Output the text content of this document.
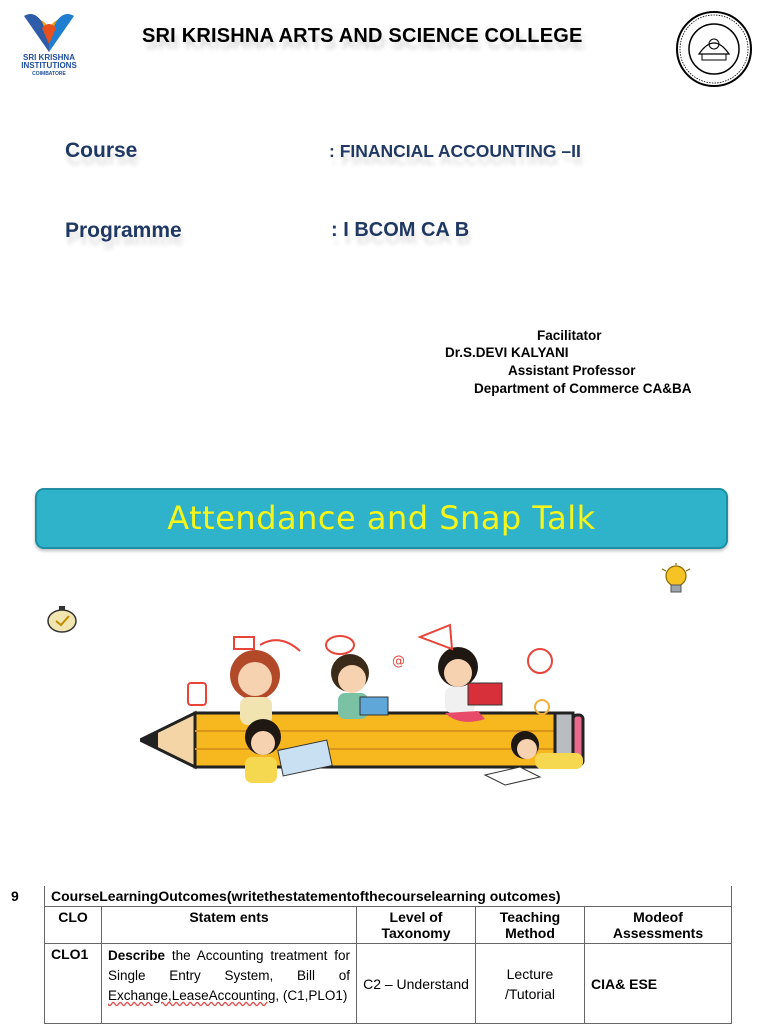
SRI KRISHNA
INSTITUTIONS
COIMBATORE
SRI KRISHNA ARTS AND SCIENCE COLLEGE
Course	: FINANCIAL ACCOUNTING –II
Programme	: I BCOM CA B
Facilitator
Dr.S.DEVI KALYANI
Assistant Professor
Department of Commerce CA&BA
Attendance and Snap Talk
@
9 CourseLearningOutcomes(writethestatementofthecourselearning outcomes)				
CLO	Statem ents	Level of Taxonomy	Teaching Method	Modeof Assessments
CLO1	Describe the Accounting treatment for Single Entry System, Bill of Exchange,LeaseAccounting, (C1,PLO1)	C2 – Understand	Lecture /Tutorial	CIA& ESE
